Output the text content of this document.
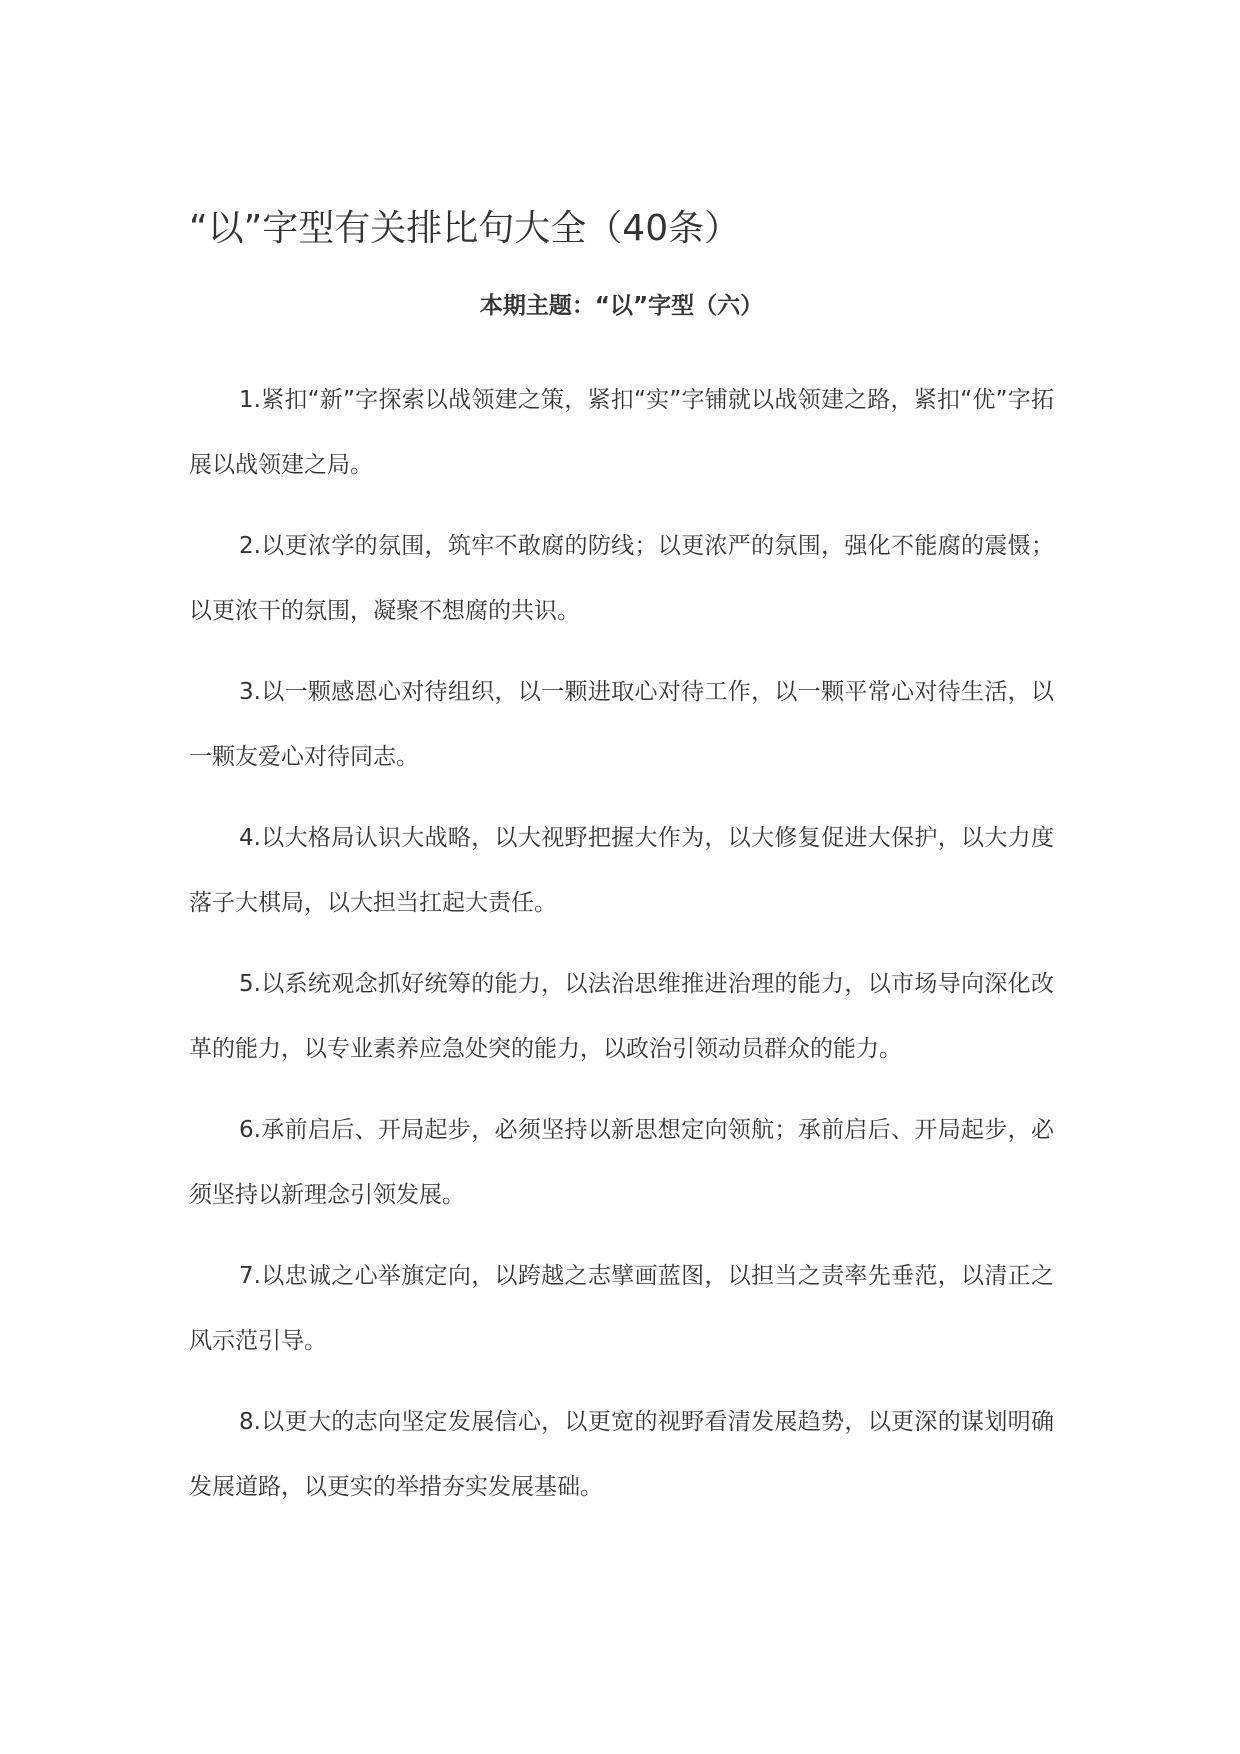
“以”字型有关排比句大全（40条）
本期主题：“以”字型（六）

1.紧扣“新”字探索以战领建之策，紧扣“实”字铺就以战领建之路，紧扣“优”字拓展以战领建之局。

2.以更浓学的氛围，筑牢不敢腐的防线；以更浓严的氛围，强化不能腐的震慑；以更浓干的氛围，凝聚不想腐的共识。

3.以一颗感恩心对待组织，以一颗进取心对待工作，以一颗平常心对待生活，以一颗友爱心对待同志。

4.以大格局认识大战略，以大视野把握大作为，以大修复促进大保护，以大力度落子大棋局，以大担当扛起大责任。

5.以系统观念抓好统筹的能力，以法治思维推进治理的能力，以市场导向深化改革的能力，以专业素养应急处突的能力，以政治引领动员群众的能力。

6.承前启后、开局起步，必须坚持以新思想定向领航；承前启后、开局起步，必须坚持以新理念引领发展。

7.以忠诚之心举旗定向，以跨越之志擘画蓝图，以担当之责率先垂范，以清正之风示范引导。

8.以更大的志向坚定发展信心，以更宽的视野看清发展趋势，以更深的谋划明确发展道路，以更实的举措夯实发展基础。
